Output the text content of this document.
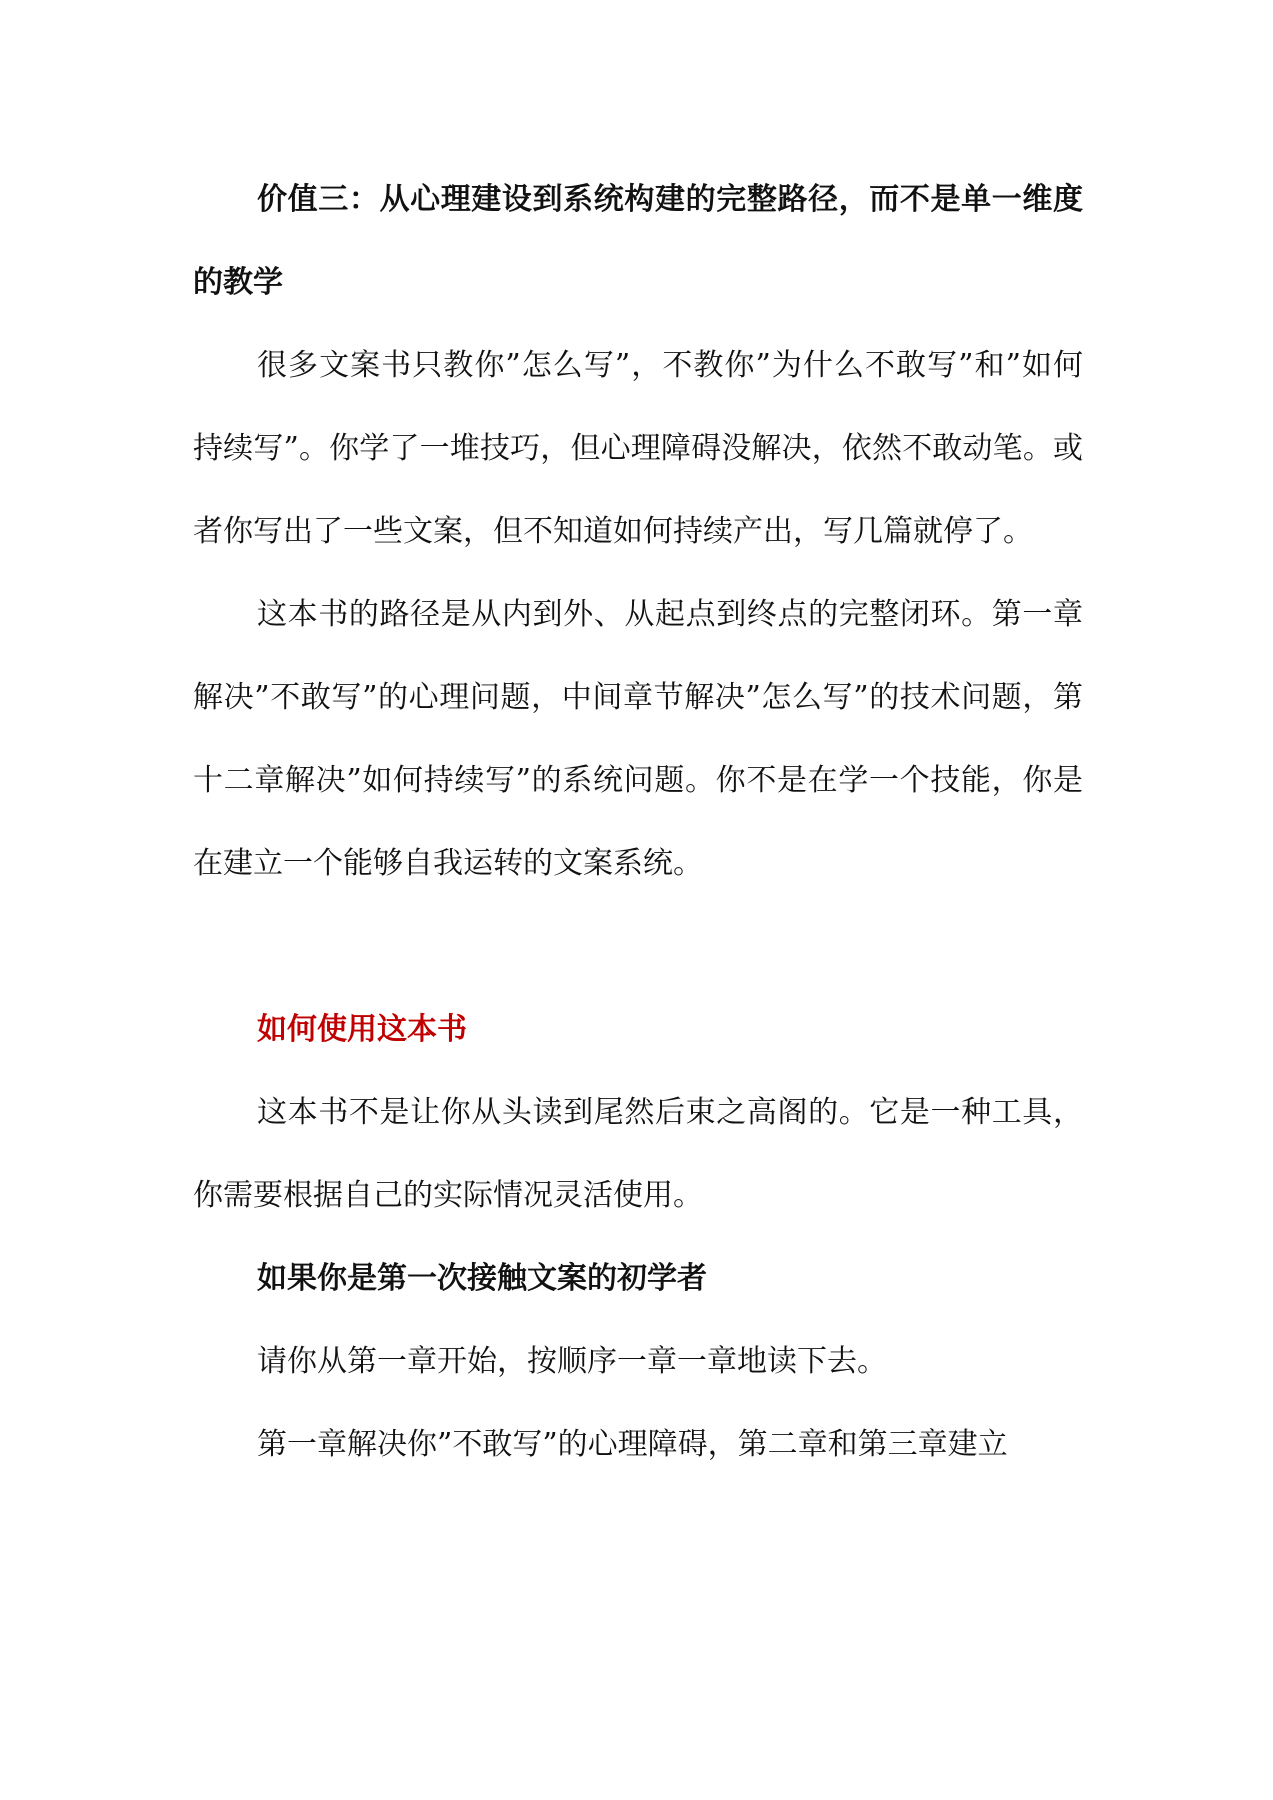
价值三：从心理建设到系统构建的完整路径，而不是单一维度的教学

很多文案书只教你”怎么写”，不教你”为什么不敢写”和”如何持续写”。你学了一堆技巧，但心理障碍没解决，依然不敢动笔。或者你写出了一些文案，但不知道如何持续产出，写几篇就停了。

这本书的路径是从内到外、从起点到终点的完整闭环。第一章解决”不敢写”的心理问题，中间章节解决”怎么写”的技术问题，第十二章解决”如何持续写”的系统问题。你不是在学一个技能，你是在建立一个能够自我运转的文案系统。

如何使用这本书

这本书不是让你从头读到尾然后束之高阁的。它是一种工具，你需要根据自己的实际情况灵活使用。

如果你是第一次接触文案的初学者

请你从第一章开始，按顺序一章一章地读下去。

第一章解决你”不敢写”的心理障碍，第二章和第三章建立
